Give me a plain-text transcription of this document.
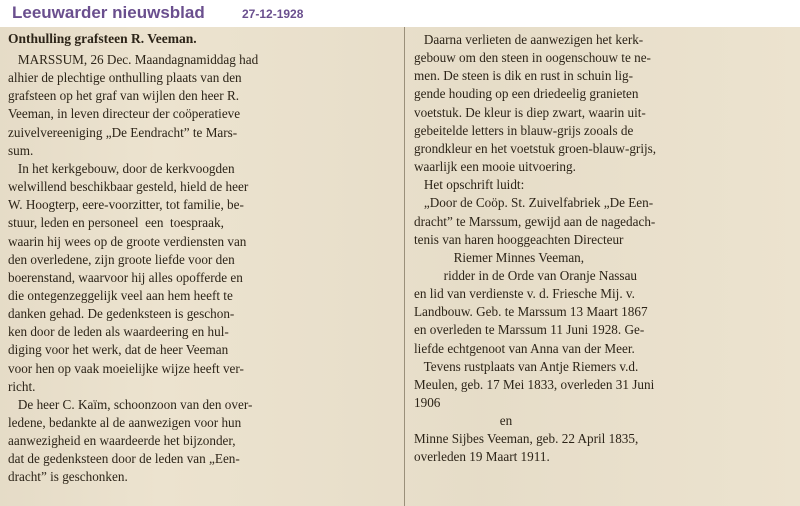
Leeuwarder nieuwsblad	27-12-1928
Onthulling grafsteen R. Veeman.
MARSSUM, 26 Dec. Maandagnamiddag had
alhier de plechtige onthulling plaats van den
grafsteen op het graf van wijlen den heer R.
Veeman, in leven directeur der coöperatieve
zuivelvereeniging „De Eendracht” te Mars-
sum.
In het kerkgebouw, door de kerkvoogden
welwillend beschikbaar gesteld, hield de heer
W. Hoogterp, eere-voorzitter, tot familie, be-
stuur, leden en personeel  een  toespraak,
waarin hij wees op de groote verdiensten van
den overledene, zijn groote liefde voor den
boerenstand, waarvoor hij alles opofferde en
die ontegenzeggelijk veel aan hem heeft te
danken gehad. De gedenksteen is geschon-
ken door de leden als waardeering en hul-
diging voor het werk, dat de heer Veeman
voor hen op vaak moeielijke wijze heeft ver-
richt.
De heer C. Kaïm, schoonzoon van den over-
ledene, bedankte al de aanwezigen voor hun
aanwezigheid en waardeerde het bijzonder,
dat de gedenksteen door de leden van „Een-
dracht” is geschonken.
Daarna verlieten de aanwezigen het kerk-
gebouw om den steen in oogenschouw te ne-
men. De steen is dik en rust in schuin lig-
gende houding op een driedeelig granieten
voetstuk. De kleur is diep zwart, waarin uit-
gebeitelde letters in blauw-grijs zooals de
grondkleur en het voetstuk groen-blauw-grijs,
waarlijk een mooie uitvoering.
Het opschrift luidt:
„Door de Coöp. St. Zuivelfabriek „De Een-
dracht” te Marssum, gewijd aan de nagedach-
tenis van haren hooggeachten Directeur
Riemer Minnes Veeman,
ridder in de Orde van Oranje Nassau
en lid van verdienste v. d. Friesche Mij. v.
Landbouw. Geb. te Marssum 13 Maart 1867
en overleden te Marssum 11 Juni 1928. Ge-
liefde echtgenoot van Anna van der Meer.
Tevens rustplaats van Antje Riemers v.d.
Meulen, geb. 17 Mei 1833, overleden 31 Juni
1906
en
Minne Sijbes Veeman, geb. 22 April 1835,
overleden 19 Maart 1911.
